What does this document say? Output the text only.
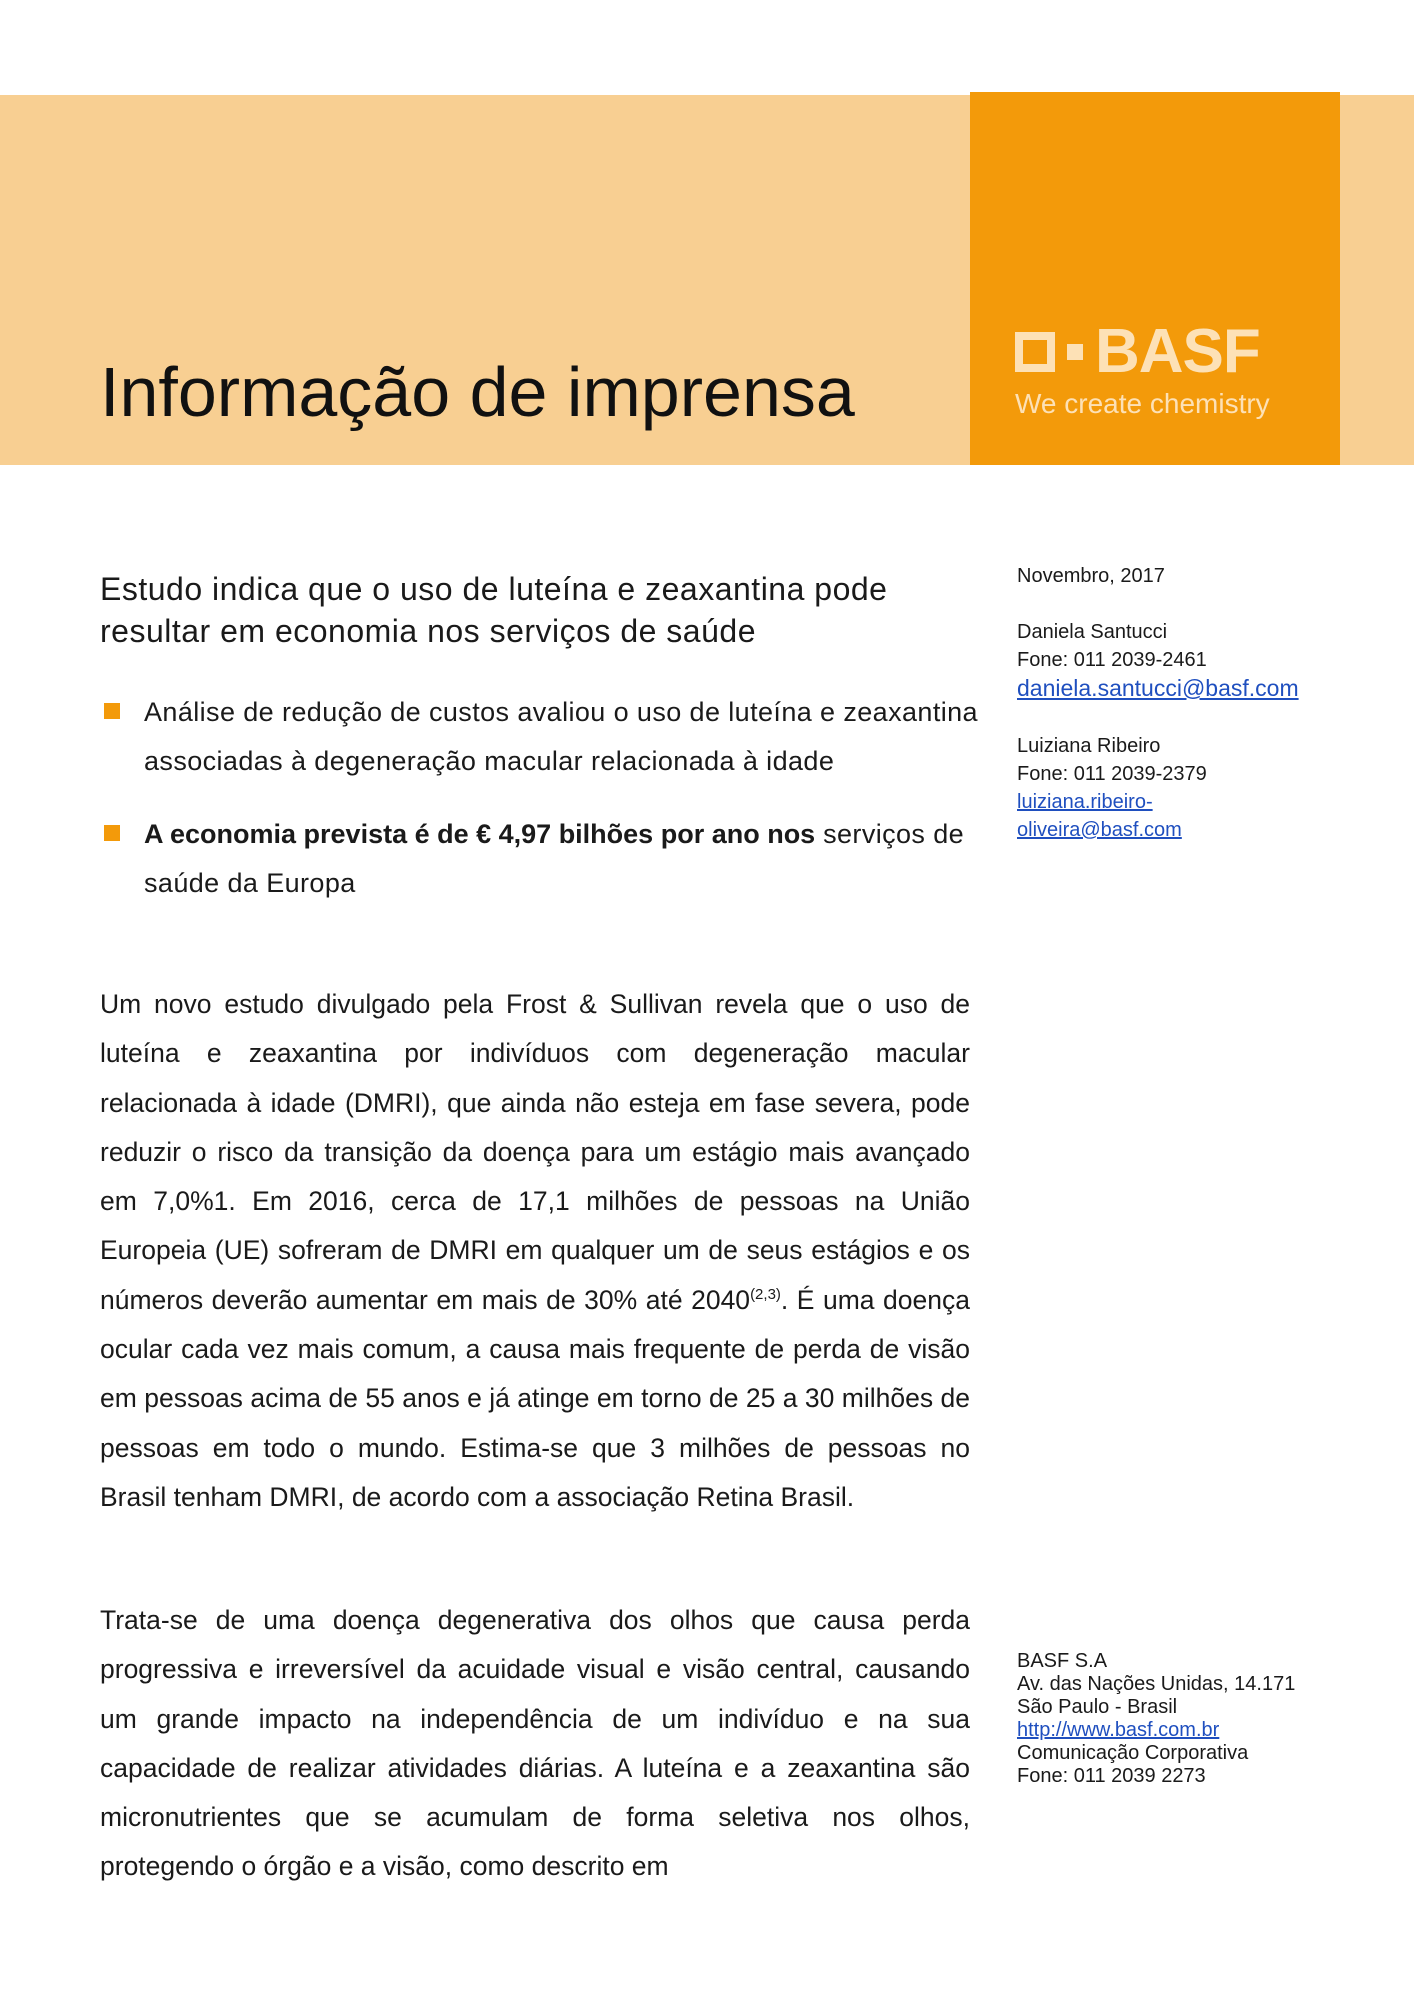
BASF
We create chemistry
Informação de imprensa
Estudo indica que o uso de luteína e zeaxantina pode resultar em economia nos serviços de saúde
Análise de redução de custos avaliou o uso de luteína e zeaxantina associadas à degeneração macular relacionada à idade
A economia prevista é de € 4,97 bilhões por ano nos serviços de saúde da Europa

Um novo estudo divulgado pela Frost & Sullivan revela que o uso de luteína e zeaxantina por indivíduos com degeneração macular relacionada à idade (DMRI), que ainda não esteja em fase severa, pode reduzir o risco da transição da doença para um estágio mais avançado em 7,0%1. Em 2016, cerca de 17,1 milhões de pessoas na União Europeia (UE) sofreram de DMRI em qualquer um de seus estágios e os números deverão aumentar em mais de 30% até 2040$^{(2,3)}$. É uma doença ocular cada vez mais comum, a causa mais frequente de perda de visão em pessoas acima de 55 anos e já atinge em torno de 25 a 30 milhões de pessoas em todo o mundo. Estima-se que 3 milhões de pessoas no Brasil tenham DMRI, de acordo com a associação Retina Brasil.

Trata-se de uma doença degenerativa dos olhos que causa perda progressiva e irreversível da acuidade visual e visão central, causando um grande impacto na independência de um indivíduo e na sua capacidade de realizar atividades diárias. A luteína e a zeaxantina são micronutrientes que se acumulam de forma seletiva nos olhos, protegendo o órgão e a visão, como descrito em

Novembro, 2017
Daniela Santucci
Fone: 011 2039-2461
daniela.santucci@basf.com
Luiziana Ribeiro
Fone: 011 2039-2379
luiziana.ribeiro-
oliveira@basf.com
BASF S.A
Av. das Nações Unidas, 14.171
São Paulo - Brasil
http://www.basf.com.br
Comunicação Corporativa
Fone: 011 2039 2273
